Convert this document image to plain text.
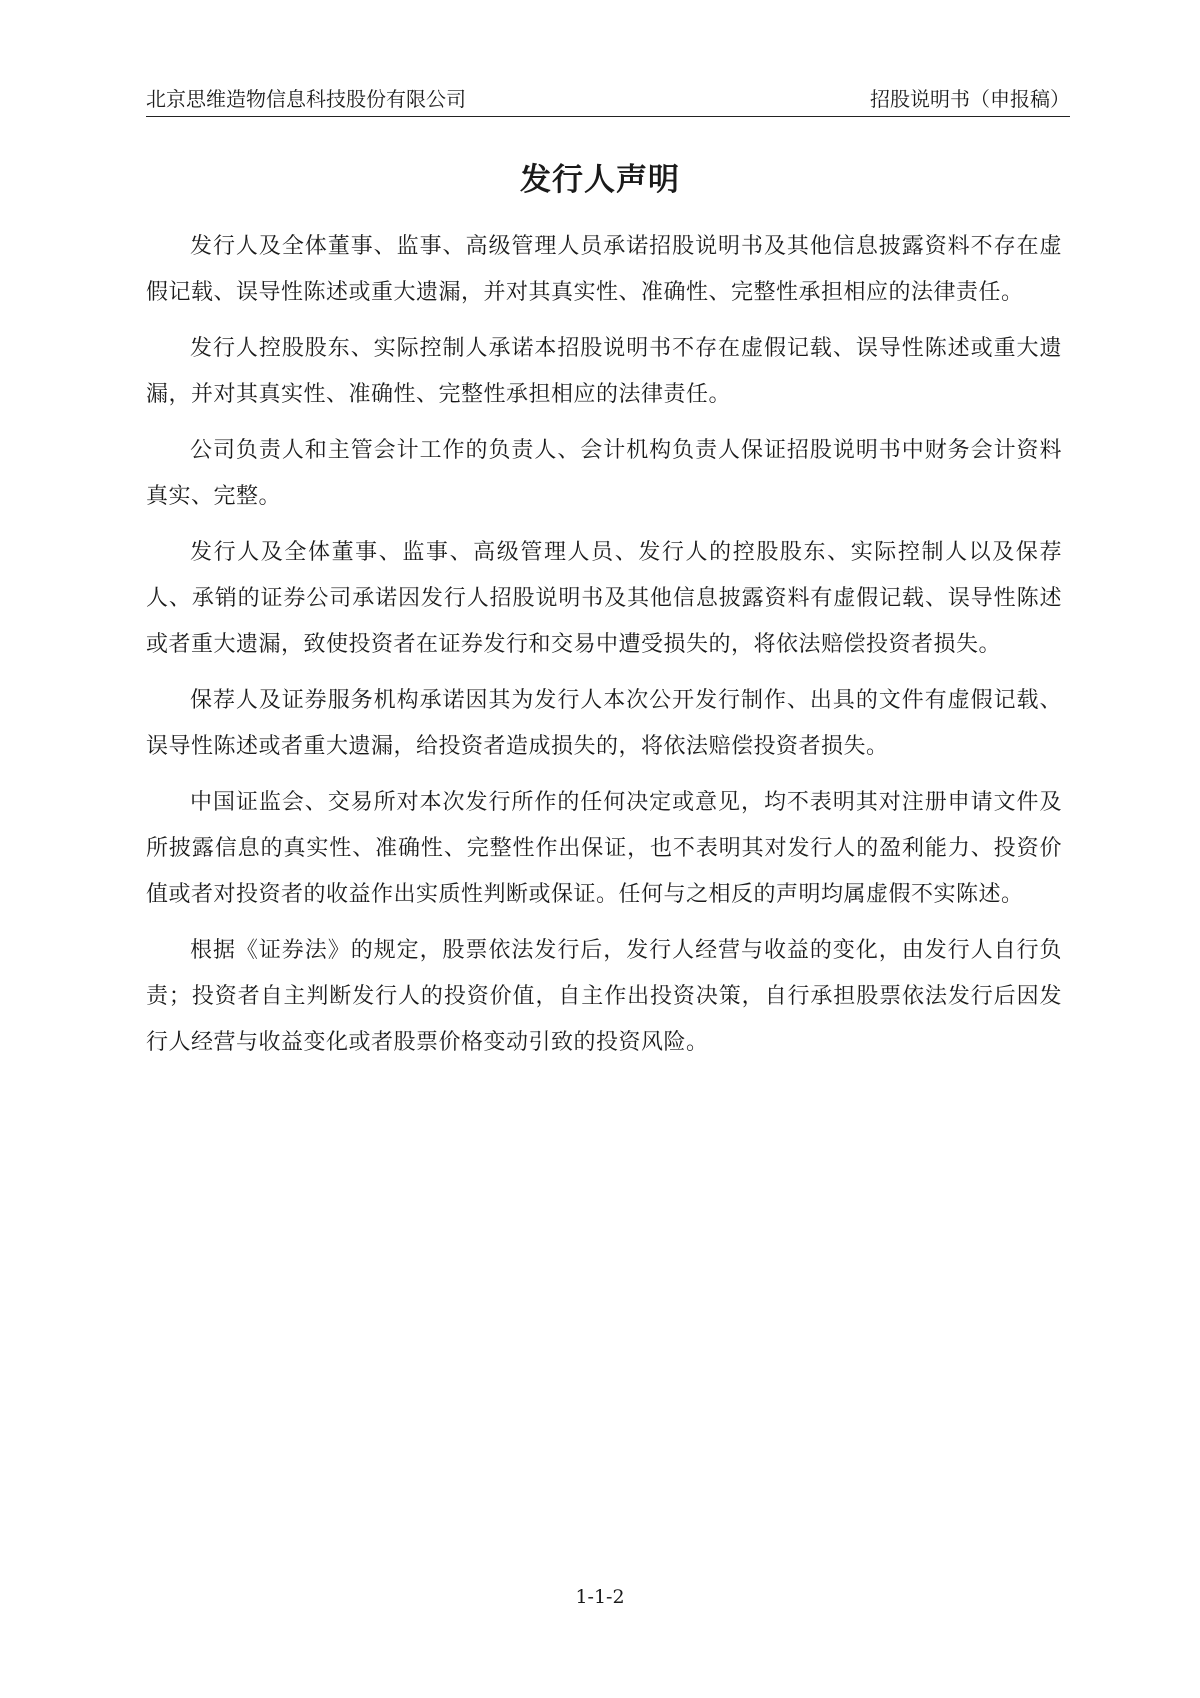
北京思维造物信息科技股份有限公司	招股说明书（申报稿）
发行人声明

发行人及全体董事、监事、高级管理人员承诺招股说明书及其他信息披露资料不存在虚假记载、误导性陈述或重大遗漏，并对其真实性、准确性、完整性承担相应的法律责任。

发行人控股股东、实际控制人承诺本招股说明书不存在虚假记载、误导性陈述或重大遗漏，并对其真实性、准确性、完整性承担相应的法律责任。

公司负责人和主管会计工作的负责人、会计机构负责人保证招股说明书中财务会计资料真实、完整。

发行人及全体董事、监事、高级管理人员、发行人的控股股东、实际控制人以及保荐人、承销的证券公司承诺因发行人招股说明书及其他信息披露资料有虚假记载、误导性陈述或者重大遗漏，致使投资者在证券发行和交易中遭受损失的，将依法赔偿投资者损失。

保荐人及证券服务机构承诺因其为发行人本次公开发行制作、出具的文件有虚假记载、误导性陈述或者重大遗漏，给投资者造成损失的，将依法赔偿投资者损失。

中国证监会、交易所对本次发行所作的任何决定或意见，均不表明其对注册申请文件及所披露信息的真实性、准确性、完整性作出保证，也不表明其对发行人的盈利能力、投资价值或者对投资者的收益作出实质性判断或保证。任何与之相反的声明均属虚假不实陈述。

根据《证券法》的规定，股票依法发行后，发行人经营与收益的变化，由发行人自行负责；投资者自主判断发行人的投资价值，自主作出投资决策，自行承担股票依法发行后因发行人经营与收益变化或者股票价格变动引致的投资风险。

1-1-2
